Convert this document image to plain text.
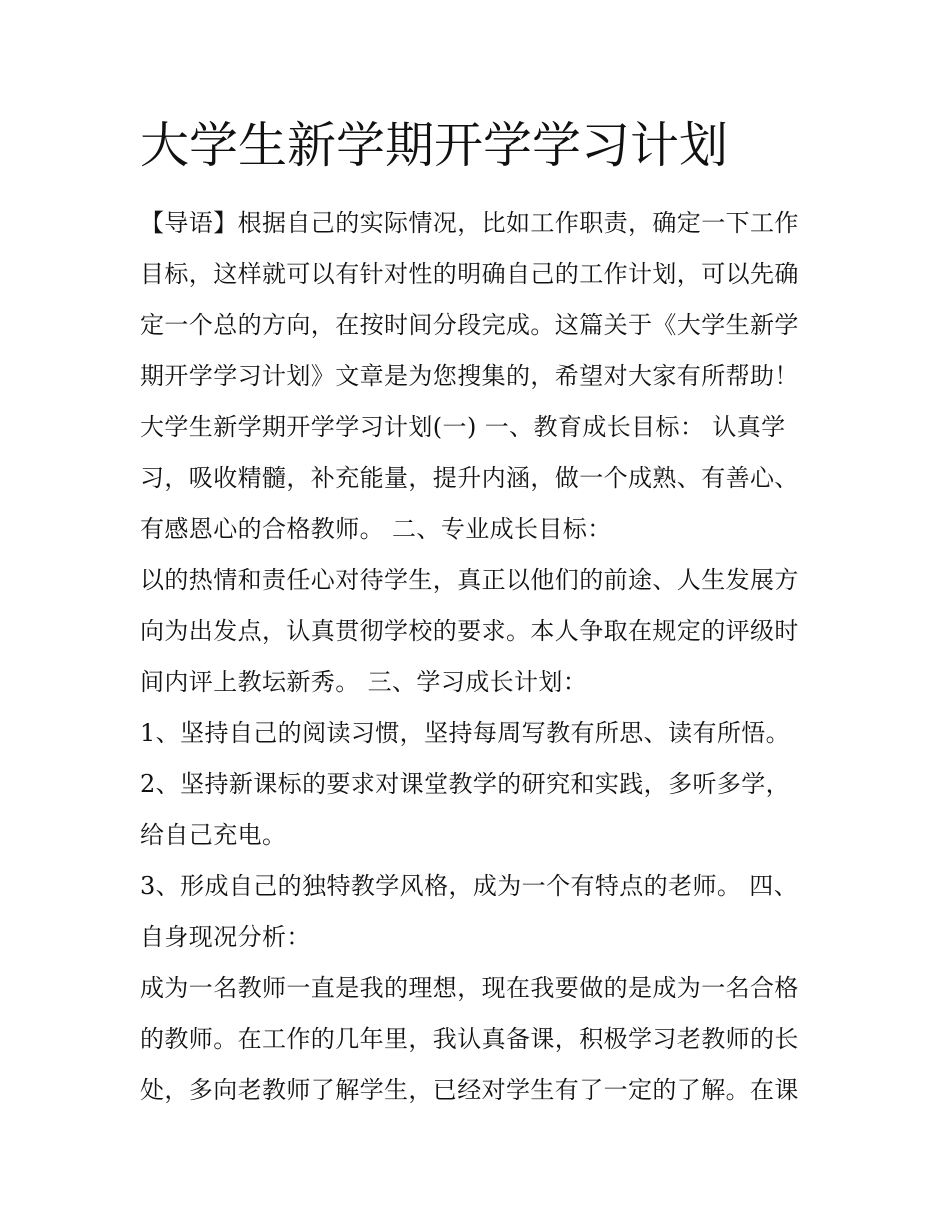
大学生新学期开学学习计划
【导语】根据自己的实际情况，比如工作职责，确定一下工作
目标，这样就可以有针对性的明确自己的工作计划，可以先确
定一个总的方向，在按时间分段完成。这篇关于《大学生新学
期开学学习计划》文章是为您搜集的，希望对大家有所帮助！
大学生新学期开学学习计划(一) 一、教育成长目标： 认真学
习，吸收精髓，补充能量，提升内涵，做一个成熟、有善心、
有感恩心的合格教师。 二、专业成长目标：
以的热情和责任心对待学生，真正以他们的前途、人生发展方
向为出发点，认真贯彻学校的要求。本人争取在规定的评级时
间内评上教坛新秀。 三、学习成长计划：
1、坚持自己的阅读习惯，坚持每周写教有所思、读有所悟。
2、坚持新课标的要求对课堂教学的研究和实践，多听多学，
给自己充电。
3、形成自己的独特教学风格，成为一个有特点的老师。 四、
自身现况分析：
成为一名教师一直是我的理想，现在我要做的是成为一名合格
的教师。在工作的几年里，我认真备课，积极学习老教师的长
处，多向老教师了解学生，已经对学生有了一定的了解。在课
